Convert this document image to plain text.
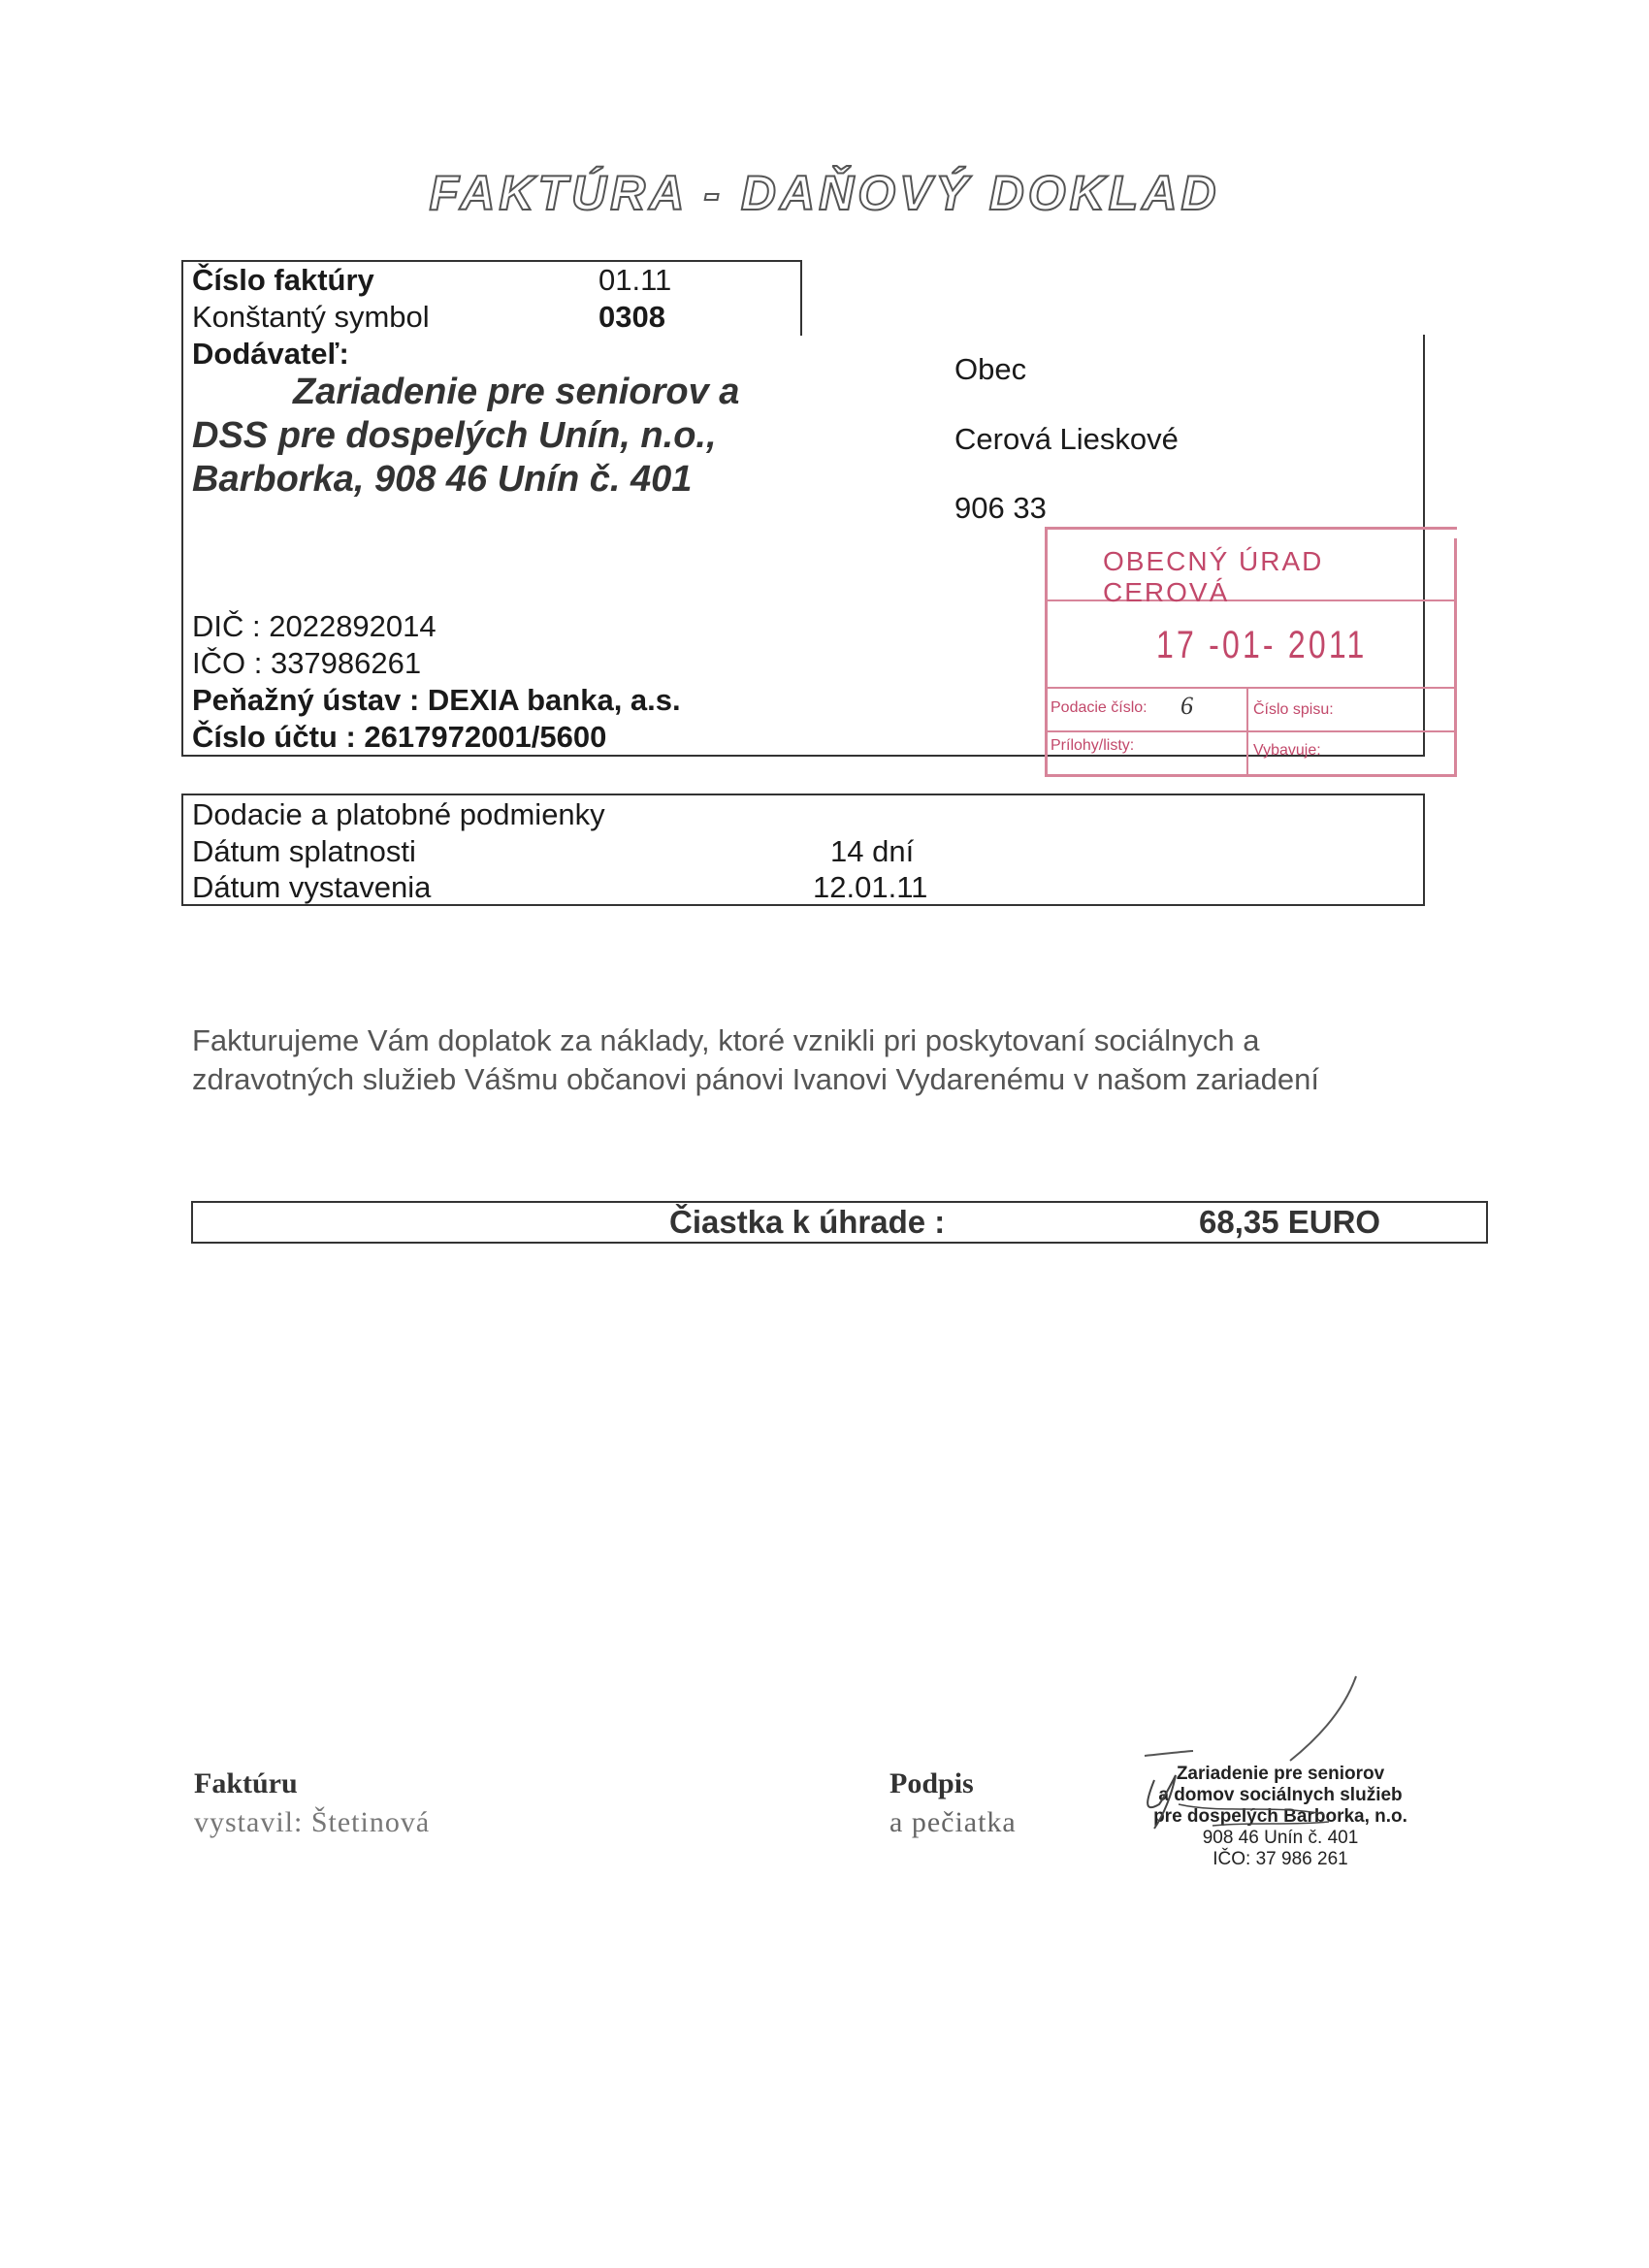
FAKTÚRA - DAŇOVÝ DOKLAD
Číslo faktúry	01.11
Konštantý symbol	0308
Dodávateľ:
Zariadenie pre seniorov a
DSS pre dospelých Unín, n.o.,
Barborka, 908 46 Unín č. 401
DIČ : 2022892014
IČO : 337986261
Peňažný ústav : DEXIA banka, a.s.
Číslo účtu : 2617972001/5600
Obec
Cerová Lieskové
906 33
OBECNÝ ÚRAD CEROVÁ
17 -01- 2011
Podacie číslo: 6	Číslo spisu:
Prílohy/listy:	Vybavuje:
Dodacie a platobné podmienky
Dátum splatnosti	14 dní
Dátum vystavenia	12.01.11
Fakturujeme Vám doplatok za náklady, ktoré vznikli pri poskytovaní sociálnych a
zdravotných služieb Vášmu občanovi pánovi Ivanovi Vydarenému v našom zariadení
Čiastka k úhrade :	68,35 EURO
Faktúru
vystavil: Štetinová
Podpis
a pečiatka
Zariadenie pre seniorov
a domov sociálnych služieb
pre dospelých Barborka, n.o.
908 46 Unín č. 401
IČO: 37 986 261
